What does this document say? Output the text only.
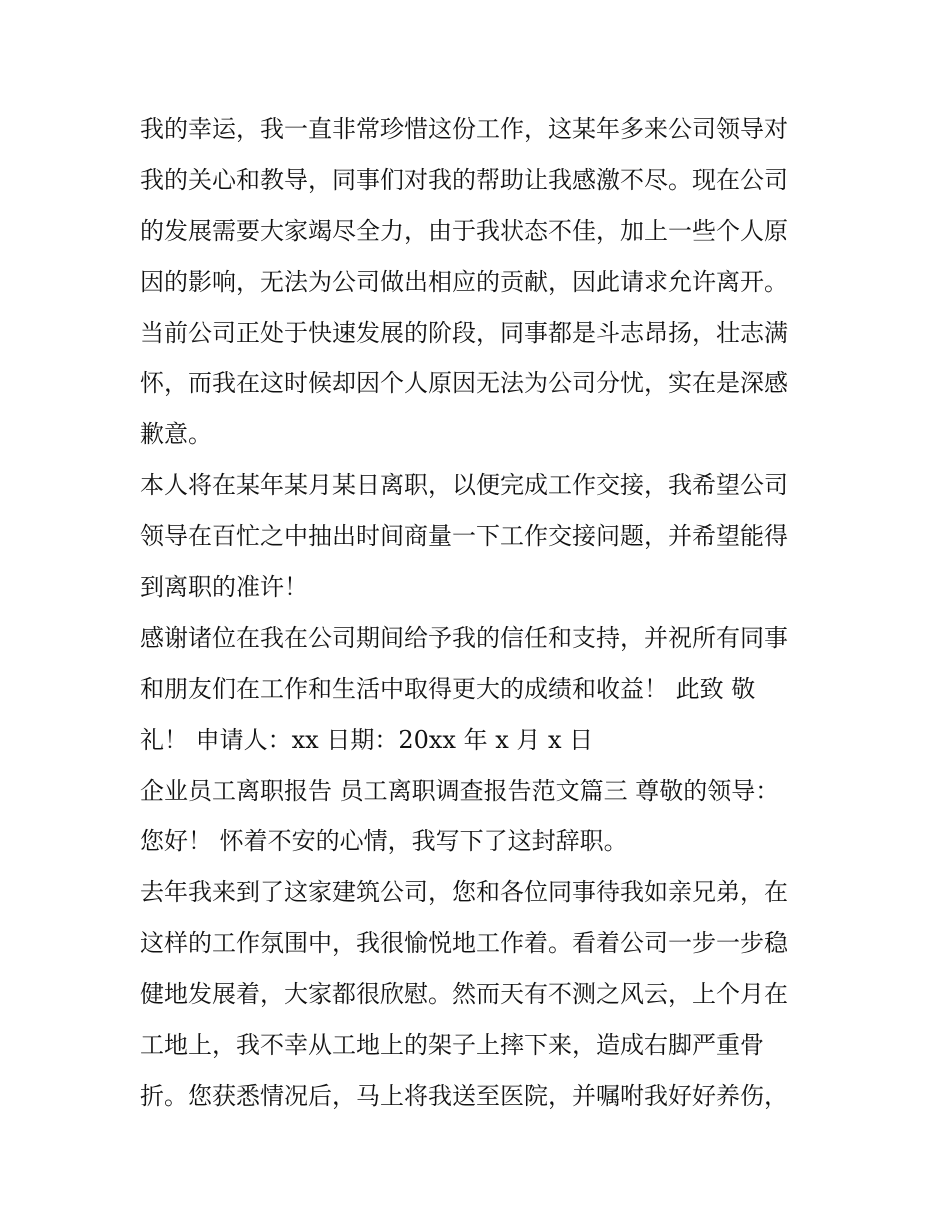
我的幸运，我一直非常珍惜这份工作，这某年多来公司领导对
我的关心和教导，同事们对我的帮助让我感激不尽。现在公司
的发展需要大家竭尽全力，由于我状态不佳，加上一些个人原
因的影响，无法为公司做出相应的贡献，因此请求允许离开。
当前公司正处于快速发展的阶段，同事都是斗志昂扬，壮志满
怀，而我在这时候却因个人原因无法为公司分忧，实在是深感
歉意。
本人将在某年某月某日离职，以便完成工作交接，我希望公司
领导在百忙之中抽出时间商量一下工作交接问题，并希望能得
到离职的准许！
感谢诸位在我在公司期间给予我的信任和支持，并祝所有同事
和朋友们在工作和生活中取得更大的成绩和收益！ 此致 敬
礼！ 申请人：xx 日期：20xx 年 x 月 x 日
企业员工离职报告 员工离职调查报告范文篇三 尊敬的领导：
您好！ 怀着不安的心情，我写下了这封辞职。
去年我来到了这家建筑公司，您和各位同事待我如亲兄弟，在
这样的工作氛围中，我很愉悦地工作着。看着公司一步一步稳
健地发展着，大家都很欣慰。然而天有不测之风云，上个月在
工地上，我不幸从工地上的架子上摔下来，造成右脚严重骨
折。您获悉情况后，马上将我送至医院，并嘱咐我好好养伤，
